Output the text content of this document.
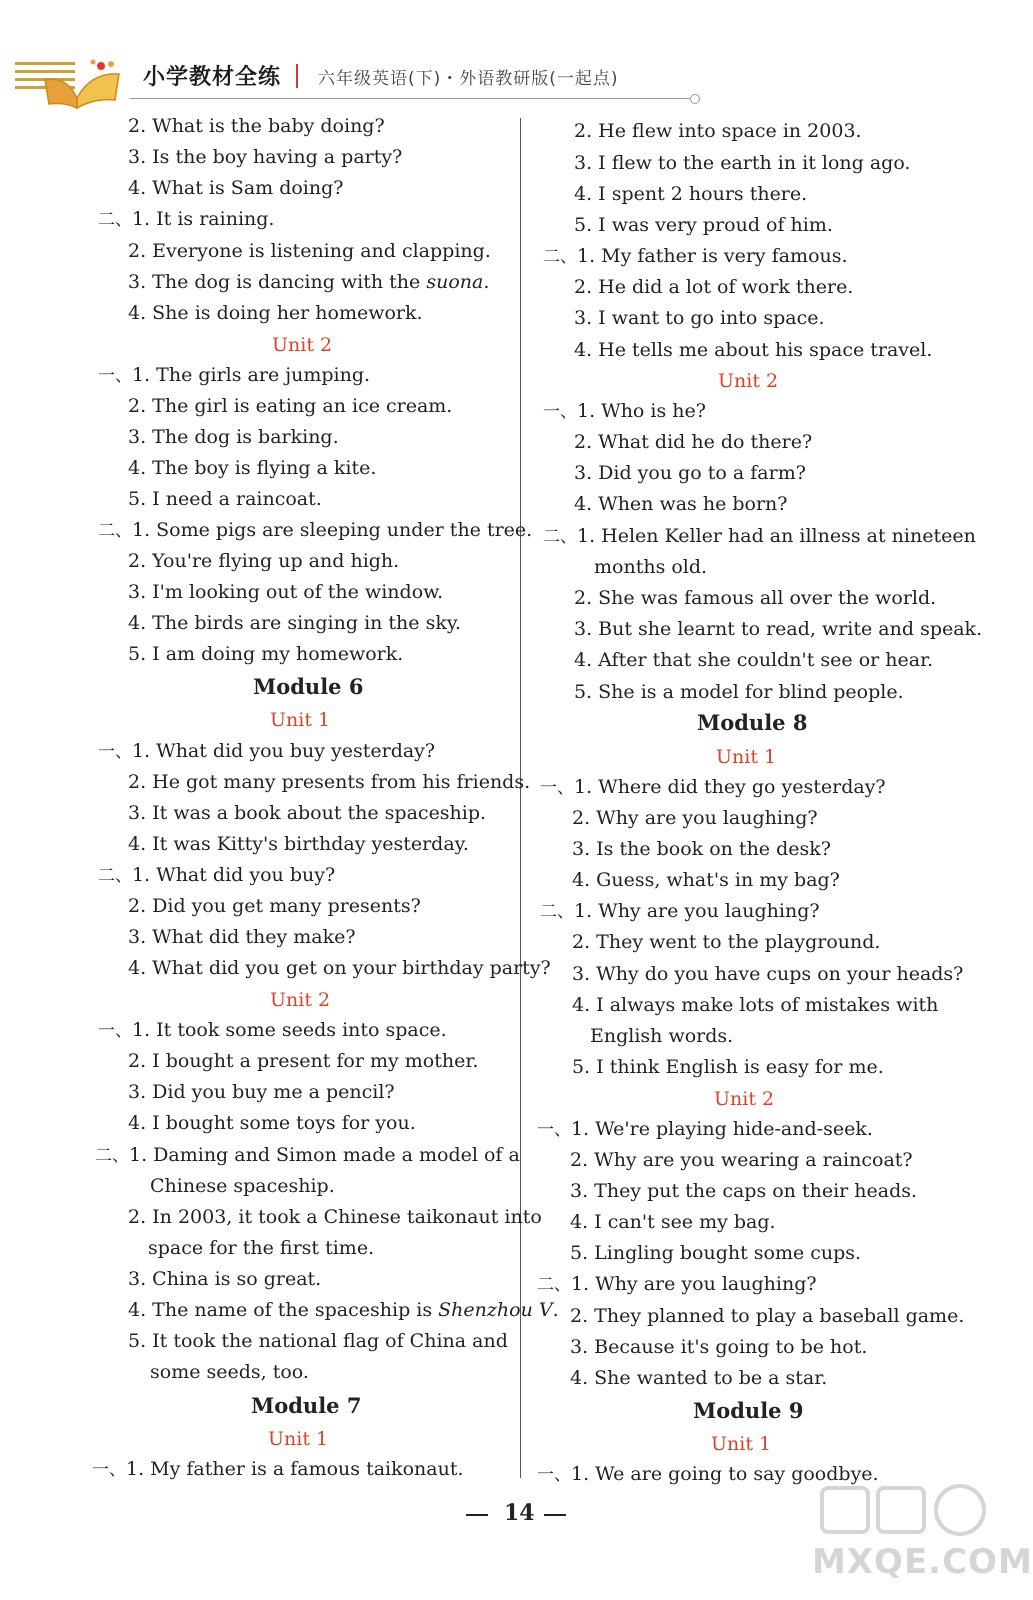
小学教材全练 六年级英语(下)・外语教研版(一起点)
2. What is the baby doing?
3. Is the boy having a party?
4. What is Sam doing?
二、1. It is raining.
2. Everyone is listening and clapping.
3. The dog is dancing with the suona.
4. She is doing her homework.
Unit 2
一、1. The girls are jumping.
2. The girl is eating an ice cream.
3. The dog is barking.
4. The boy is flying a kite.
5. I need a raincoat.
二、1. Some pigs are sleeping under the tree.
2. You're flying up and high.
3. I'm looking out of the window.
4. The birds are singing in the sky.
5. I am doing my homework.
Module 6
Unit 1
一、1. What did you buy yesterday?
2. He got many presents from his friends.
3. It was a book about the spaceship.
4. It was Kitty's birthday yesterday.
二、1. What did you buy?
2. Did you get many presents?
3. What did they make?
4. What did you get on your birthday party?
Unit 2
一、1. It took some seeds into space.
2. I bought a present for my mother.
3. Did you buy me a pencil?
4. I bought some toys for you.
二、1. Daming and Simon made a model of a
Chinese spaceship.
2. In 2003, it took a Chinese taikonaut into
space for the first time.
3. China is so great.
4. The name of the spaceship is Shenzhou V.
5. It took the national flag of China and
some seeds, too.
Module 7
Unit 1
一、1. My father is a famous taikonaut.
2. He flew into space in 2003.
3. I flew to the earth in it long ago.
4. I spent 2 hours there.
5. I was very proud of him.
二、1. My father is very famous.
2. He did a lot of work there.
3. I want to go into space.
4. He tells me about his space travel.
Unit 2
一、1. Who is he?
2. What did he do there?
3. Did you go to a farm?
4. When was he born?
二、1. Helen Keller had an illness at nineteen
months old.
2. She was famous all over the world.
3. But she learnt to read, write and speak.
4. After that she couldn't see or hear.
5. She is a model for blind people.
Module 8
Unit 1
一、1. Where did they go yesterday?
2. Why are you laughing?
3. Is the book on the desk?
4. Guess, what's in my bag?
二、1. Why are you laughing?
2. They went to the playground.
3. Why do you have cups on your heads?
4. I always make lots of mistakes with
English words.
5. I think English is easy for me.
Unit 2
一、1. We're playing hide-and-seek.
2. Why are you wearing a raincoat?
3. They put the caps on their heads.
4. I can't see my bag.
5. Lingling bought some cups.
二、1. Why are you laughing?
2. They planned to play a baseball game.
3. Because it's going to be hot.
4. She wanted to be a star.
Module 9
Unit 1
一、1. We are going to say goodbye.
14
MXQE.COM
